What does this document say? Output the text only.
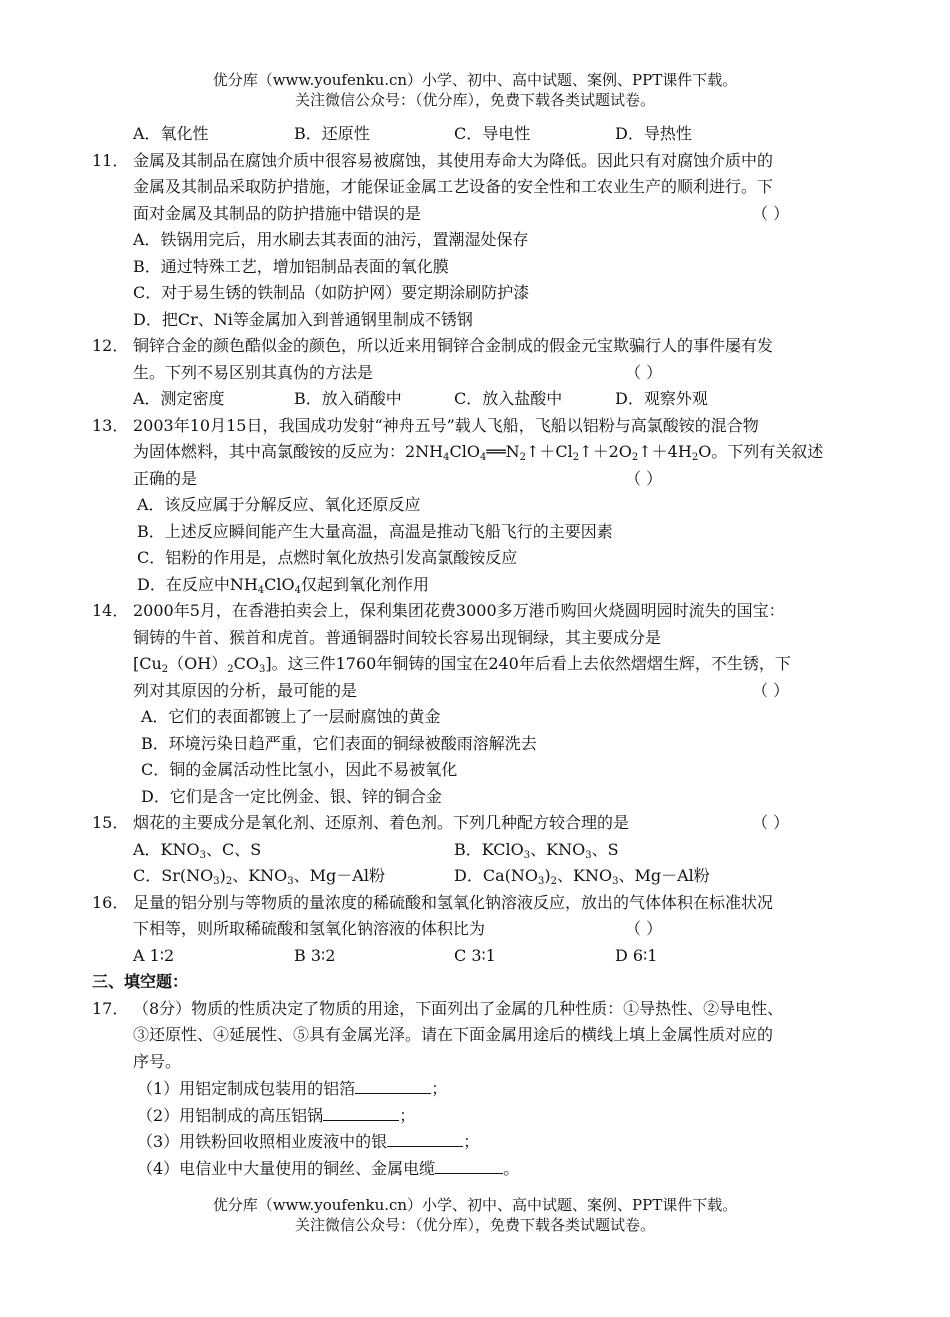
优分库（www.youfenku.cn）小学、初中、高中试题、案例、PPT课件下载。
关注微信公众号：（优分库），免费下载各类试题试卷。
A．氧化性	B．还原性	C．导电性	D．导热性
11． 金属及其制品在腐蚀介质中很容易被腐蚀，其使用寿命大为降低。因此只有对腐蚀介质中的
金属及其制品采取防护措施，才能保证金属工艺设备的安全性和工农业生产的顺利进行。下
面对金属及其制品的防护措施中错误的是	（ ）
A．铁锅用完后，用水刷去其表面的油污，置潮湿处保存
B．通过特殊工艺，增加铝制品表面的氧化膜
C．对于易生锈的铁制品（如防护网）要定期涂刷防护漆
D．把Cr、Ni等金属加入到普通钢里制成不锈钢
12． 铜锌合金的颜色酷似金的颜色，所以近来用铜锌合金制成的假金元宝欺骗行人的事件屡有发
生。下列不易区别其真伪的方法是	（ ）
A．测定密度	B．放入硝酸中	C．放入盐酸中	D．观察外观
13． 2003年10月15日，我国成功发射“神舟五号”载人飞船，飞船以铝粉与高氯酸铵的混合物
为固体燃料，其中高氯酸铵的反应为：$2NH_4ClO_4══N_2↑+Cl_2↑+2O_2↑+4H_2O$。下列有关叙述
正确的是	（ ）
A．该反应属于分解反应、氧化还原反应
B．上述反应瞬间能产生大量高温，高温是推动飞船飞行的主要因素
C．铝粉的作用是，点燃时氧化放热引发高氯酸铵反应
D．在反应中$NH_4ClO_4$仅起到氧化剂作用
14． 2000年5月，在香港拍卖会上，保利集团花费3000多万港币购回火烧圆明园时流失的国宝：
铜铸的牛首、猴首和虎首。普通铜器时间较长容易出现铜绿，其主要成分是
$[Cu_2(OH)_2CO_3]$。这三件1760年铜铸的国宝在240年后看上去依然熠熠生辉，不生锈，下
列对其原因的分析，最可能的是	（ ）
A．它们的表面都镀上了一层耐腐蚀的黄金
B．环境污染日趋严重，它们表面的铜绿被酸雨溶解洗去
C．铜的金属活动性比氢小，因此不易被氧化
D．它们是含一定比例金、银、锌的铜合金
15． 烟花的主要成分是氧化剂、还原剂、着色剂。下列几种配方较合理的是	（ ）
A．$KNO_3$、C、S	B．KClO$_3$、$KNO_3$、S
C．$Sr(NO_3)_2$、$KNO_3$、Mg－Al粉	D．$Ca(NO_3)_2$、$KNO_3$、Mg－Al粉
16． 足量的铝分别与等物质的量浓度的稀硫酸和氢氧化钠溶液反应，放出的气体体积在标准状况
下相等，则所取稀硫酸和氢氧化钠溶液的体积比为	（ ）
A 1∶2	B 3∶2	C 3∶1	D 6∶1
三、填空题：
17． （8分）物质的性质决定了物质的用途，下面列出了金属的几种性质：①导热性、②导电性、
③还原性、④延展性、⑤具有金属光泽。请在下面金属用途后的横线上填上金属性质对应的
序号。
（1）用铝定制成包装用的铝箔	；
（2）用铝制成的高压铝锅	；
（3）用铁粉回收照相业废液中的银	；
（4）电信业中大量使用的铜丝、金属电缆	。
优分库（www.youfenku.cn）小学、初中、高中试题、案例、PPT课件下载。
关注微信公众号：（优分库），免费下载各类试题试卷。
